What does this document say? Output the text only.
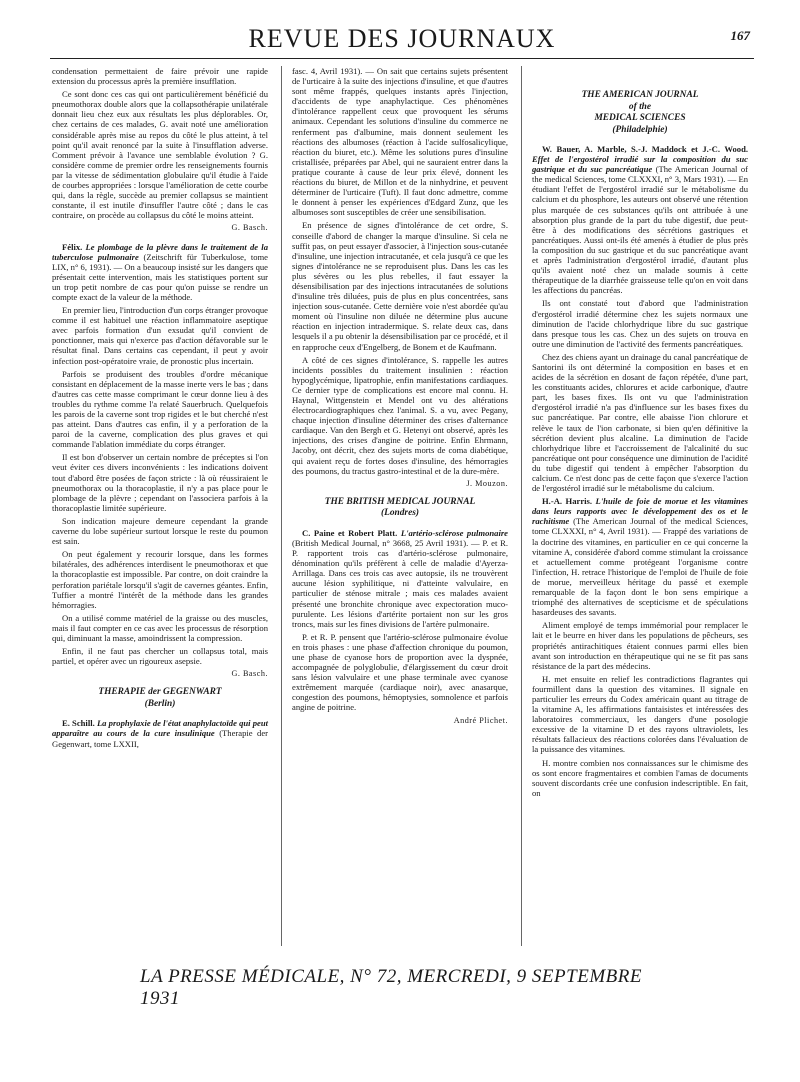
REVUE DES JOURNAUX	167

condensation permettaient de faire prévoir une rapide extension du processus après la première insufflation.

Ce sont donc ces cas qui ont particulièrement bénéficié du pneumothorax double alors que la collapsothérapie unilatérale donnait lieu chez eux aux résultats les plus déplorables. Or, chez certains de ces malades, G. avait noté une amélioration considérable après mise au repos du côté le plus atteint, à tel point qu'il avait renoncé par la suite à l'insufflation adverse. Comment prévoir à l'avance une semblable évolution ? G. considère comme de premier ordre les renseignements fournis par la vitesse de sédimentation globulaire qu'il étudie à l'aide de courbes appropriées : lorsque l'amélioration de cette courbe qui, dans la règle, succède au premier collapsus se maintient constante, il est inutile d'insuffler l'autre côté ; dans le cas contraire, on procède au collapsus du côté le moins atteint.

G. Basch.

Félix. Le plombage de la plèvre dans le traitement de la tuberculose pulmonaire (Zeitschrift für Tuberkulose, tome LIX, n° 6, 1931). — On a beaucoup insisté sur les dangers que présentait cette intervention, mais les statistiques portent sur un trop petit nombre de cas pour qu'on puisse se rendre un compte exact de la valeur de la méthode.

En premier lieu, l'introduction d'un corps étranger provoque comme il est habituel une réaction inflammatoire aseptique avec parfois formation d'un exsudat qu'il convient de ponctionner, mais qui n'exerce pas d'action défavorable sur le résultat final. Dans certains cas cependant, il peut y avoir infection post-opératoire vraie, de pronostic plus incertain.

Parfois se produisent des troubles d'ordre mécanique consistant en déplacement de la masse inerte vers le bas ; dans d'autres cas cette masse comprimant le cœur donne lieu à des troubles du rythme comme l'a relaté Sauerbruch. Quelquefois les parois de la caverne sont trop rigides et le but cherché n'est pas atteint. Dans d'autres cas enfin, il y a perforation de la paroi de la caverne, complication des plus graves et qui commande l'ablation immédiate du corps étranger.

Il est bon d'observer un certain nombre de préceptes si l'on veut éviter ces divers inconvénients : les indications doivent tout d'abord être posées de façon stricte : là où réussiraient le pneumothorax ou la thoracoplastie, il n'y a pas place pour le plombage de la plèvre ; cependant on l'associera parfois à la thoracoplastie limitée supérieure.

Son indication majeure demeure cependant la grande caverne du lobe supérieur surtout lorsque le reste du poumon est sain.

On peut également y recourir lorsque, dans les formes bilatérales, des adhérences interdisent le pneumothorax et que la thoracoplastie est impossible. Par contre, on doit craindre la perforation pariétale lorsqu'il s'agit de cavernes géantes. Enfin, Tuffier a montré l'intérêt de la méthode dans les grandes hémorragies.

On a utilisé comme matériel de la graisse ou des muscles, mais il faut compter en ce cas avec les processus de résorption qui, diminuant la masse, amoindrissent la compression.

Enfin, il ne faut pas chercher un collapsus total, mais partiel, et opérer avec un rigoureux asepsie.

G. Basch.
THERAPIE der GEGENWART
(Berlin)

E. Schill. La prophylaxie de l'état anaphylactoïde qui peut apparaître au cours de la cure insulinique (Therapie der Gegenwart, tome LXXII,

fasc. 4, Avril 1931). — On sait que certains sujets présentent de l'urticaire à la suite des injections d'insuline, et que d'autres sont même frappés, quelques instants après l'injection, d'accidents de type anaphylactique. Ces phénomènes d'intolérance rappellent ceux que provoquent les sérums animaux. Cependant les solutions d'insuline du commerce ne renferment pas d'albumine, mais donnent seulement les réactions des albumoses (réaction à l'acide sulfosalicylique, réaction du biuret, etc.). Même les solutions pures d'insuline cristallisée, préparées par Abel, qui ne sauraient entrer dans la pratique courante à cause de leur prix élevé, donnent les réactions du biuret, de Millon et de la ninhydrine, et peuvent déterminer de l'urticaire (Tuft). Il faut donc admettre, comme le donnent à penser les expériences d'Edgard Zunz, que les albumoses sont susceptibles de créer une sensibilisation.

En présence de signes d'intolérance de cet ordre, S. conseille d'abord de changer la marque d'insuline. Si cela ne suffit pas, on peut essayer d'associer, à l'injection sous-cutanée d'insuline, une injection intracutanée, et cela jusqu'à ce que les signes d'intolérance ne se reproduisent plus. Dans les cas les plus sévères ou les plus rebelles, il faut essayer la désensibilisation par des injections intracutanées de solutions d'insuline très diluées, puis de plus en plus concentrées, sans injection sous-cutanée. Cette dernière voie n'est abordée qu'au moment où l'insuline non diluée ne détermine plus aucune réaction en injection intradermique. S. relate deux cas, dans lesquels il a pu obtenir la désensibilisation par ce procédé, et il en rapproche ceux d'Engelberg, de Bonem et de Kaufmann.

A côté de ces signes d'intolérance, S. rappelle les autres incidents possibles du traitement insulinien : réaction hypoglycémique, lipatrophie, enfin manifestations cardiaques. Ce dernier type de complications est encore mal connu. H. Haynal, Wittgenstein et Mendel ont vu des altérations électrocardiographiques chez l'animal. S. a vu, avec Pegany, chaque injection d'insuline déterminer des crises d'alternance cardiaque. Van den Bergh et G. Hetenyi ont observé, après les injections, des crises d'angine de poitrine. Enfin Ehrmann, Jacoby, ont décrit, chez des sujets morts de coma diabétique, qui avaient reçu de fortes doses d'insuline, des hémorragies des poumons, du tractus gastro-intestinal et de la dure-mère.

J. Mouzon.
THE BRITISH MEDICAL JOURNAL
(Londres)

C. Paine et Robert Platt. L'artério-sclérose pulmonaire (British Medical Journal, n° 3668, 25 Avril 1931). — P. et R. P. rapportent trois cas d'artério-sclérose pulmonaire, dénomination qu'ils préfèrent à celle de maladie d'Ayerza-Arrillaga. Dans ces trois cas avec autopsie, ils ne trouvèrent aucune lésion syphilitique, ni d'atteinte valvulaire, en particulier de sténose mitrale ; mais ces malades avaient présenté une bronchite chronique avec expectoration muco-purulente. Les lésions d'artérite portaient non sur les gros troncs, mais sur les fines divisions de l'artère pulmonaire.

P. et R. P. pensent que l'artério-sclérose pulmonaire évolue en trois phases : une phase d'affection chronique du poumon, une phase de cyanose hors de proportion avec la dyspnée, accompagnée de polyglobulie, d'élargissement du cœur droit sans lésion valvulaire et une phase terminale avec cyanose extrêmement marquée (cardiaque noir), avec anasarque, congestion des poumons, hémoptysies, somnolence et parfois angine de poitrine.

André Plichet.
THE AMERICAN JOURNAL
of the
MEDICAL SCIENCES
(Philadelphie)

W. Bauer, A. Marble, S.-J. Maddock et J.-C. Wood. Effet de l'ergostérol irradié sur la composition du suc gastrique et du suc pancréatique (The American Journal of the medical Sciences, tome CLXXXI, n° 3, Mars 1931). — En étudiant l'effet de l'ergostérol irradié sur le métabolisme du calcium et du phosphore, les auteurs ont observé une rétention plus marquée de ces substances qu'ils ont attribuée à une absorption plus grande de la part du tube digestif, due peut-être à des modifications des sécrétions gastriques et pancréatiques. Aussi ont-ils été amenés à étudier de plus près la composition du suc gastrique et du suc pancréatique avant et après l'administration d'ergostérol irradié, d'autant plus qu'ils avaient noté chez un malade soumis à cette thérapeutique de la diarrhée graisseuse telle qu'on en voit dans les affections du pancréas.

Ils ont constaté tout d'abord que l'administration d'ergostérol irradié détermine chez les sujets normaux une diminution de l'acide chlorhydrique libre du suc gastrique dans presque tous les cas. Chez un des sujets on trouva en outre une diminution de l'activité des ferments pancréatiques.

Chez des chiens ayant un drainage du canal pancréatique de Santorini ils ont déterminé la composition en bases et en acides de la sécrétion en dosant de façon répétée, d'une part, les constituants acides, chlorures et acide carbonique, d'autre part, les bases fixes. Ils ont vu que l'administration d'ergostérol irradié n'a pas d'influence sur les bases fixes du suc pancréatique. Par contre, elle abaisse l'ion chlorure et relève le taux de l'ion carbonate, si bien qu'en définitive la sécrétion devient plus alcaline. La diminution de l'acide chlorhydrique libre et l'accroissement de l'alcalinité du suc pancréatique ont pour conséquence une diminution de l'acidité du tube digestif qui tendent à empêcher l'absorption du calcium. Ce n'est donc pas de cette façon que s'exerce l'action de l'ergostérol irradié sur le métabolisme du calcium.

H.-A. Harris. L'huile de foie de morue et les vitamines dans leurs rapports avec le développement des os et le rachitisme (The American Journal of the medical Sciences, tome CLXXXI, n° 4, Avril 1931). — Frappé des variations de la doctrine des vitamines, en particulier en ce qui concerne la vitamine A, considérée d'abord comme stimulant la croissance et actuellement comme protégeant l'organisme contre l'infection, H. retrace l'historique de l'emploi de l'huile de foie de morue, merveilleux héritage du passé et exemple remarquable de la façon dont le bon sens empirique a triomphé des alternatives de scepticisme et de spéculations hasardeuses des savants.

Aliment employé de temps immémorial pour remplacer le lait et le beurre en hiver dans les populations de pêcheurs, ses propriétés antirachitiques étaient connues parmi elles bien avant son introduction en thérapeutique qui ne se fit pas sans résistance de la part des médecins.

H. met ensuite en relief les contradictions flagrantes qui fourmillent dans la question des vitamines. Il signale en particulier les erreurs du Codex américain quant au titrage de la vitamine A, les affirmations fantaisistes et intéressées des laboratoires commerciaux, les dangers d'une posologie excessive de la vitamine D et des rayons ultraviolets, les résultats fallacieux des réactions colorées dans l'évaluation de la puissance des vitamines.

H. montre combien nos connaissances sur le chimisme des os sont encore fragmentaires et combien l'amas de documents souvent discordants crée une confusion indescriptible. En fait, on

LA PRESSE MÉDICALE, N° 72, MERCREDI, 9 SEPTEMBRE 1931
